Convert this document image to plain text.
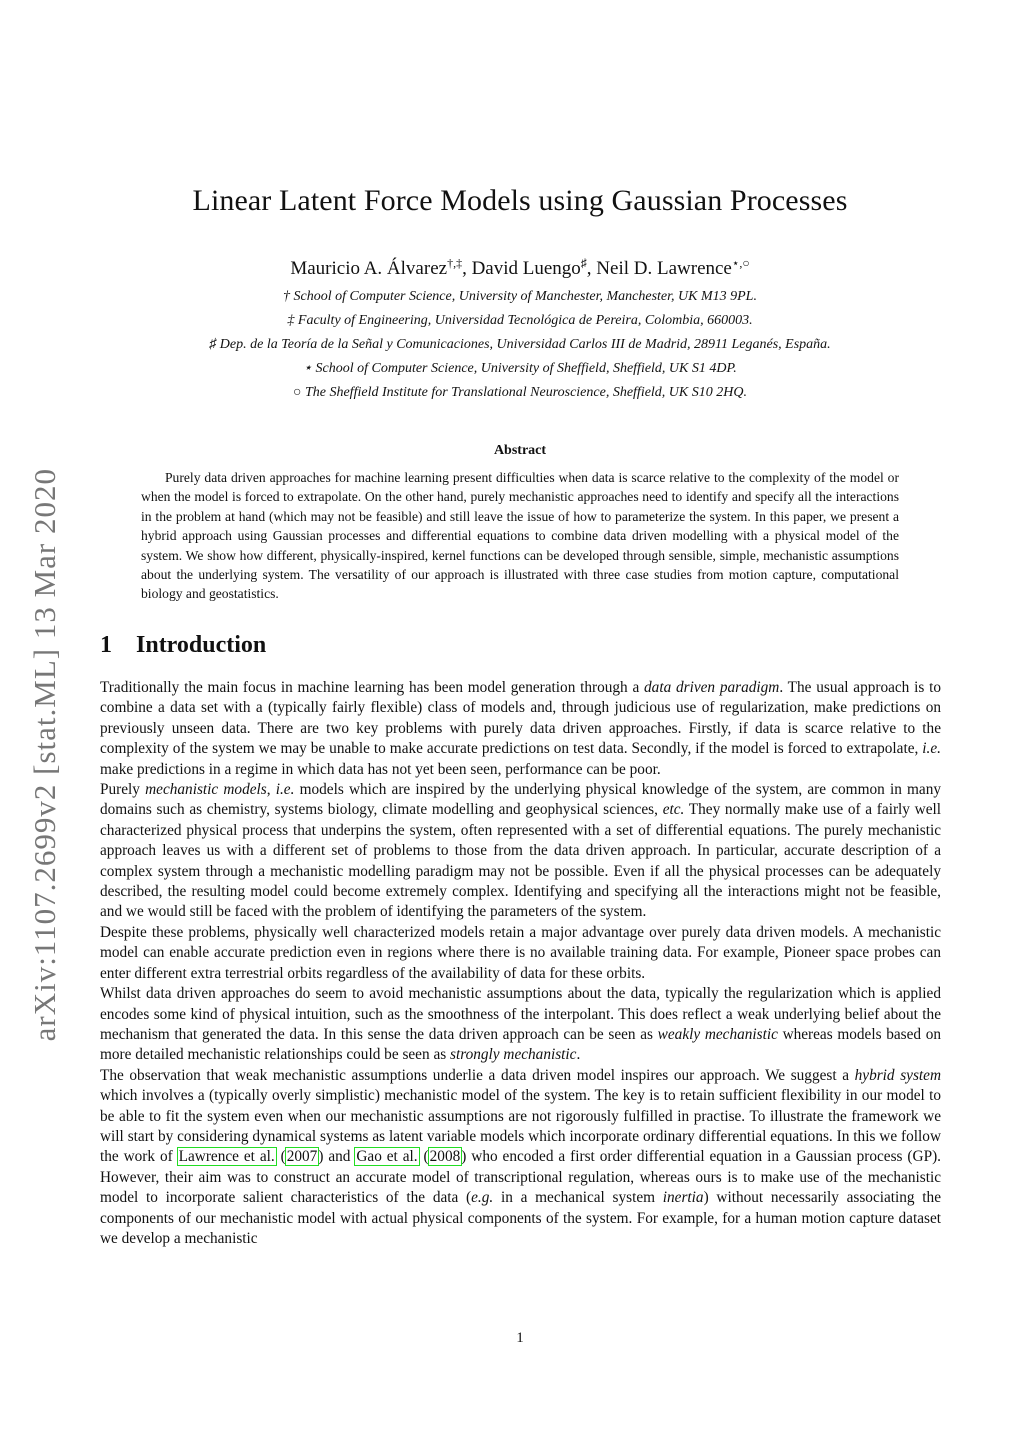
arXiv:1107.2699v2 [stat.ML] 13 Mar 2020
Linear Latent Force Models using Gaussian Processes
Mauricio A. Álvarez†,‡, David Luengo♯, Neil D. Lawrence⋆,○
† School of Computer Science, University of Manchester, Manchester, UK M13 9PL.
‡ Faculty of Engineering, Universidad Tecnológica de Pereira, Colombia, 660003.
♯ Dep. de la Teoría de la Señal y Comunicaciones, Universidad Carlos III de Madrid, 28911 Leganés, España.
⋆ School of Computer Science, University of Sheffield, Sheffield, UK S1 4DP.
○ The Sheffield Institute for Translational Neuroscience, Sheffield, UK S10 2HQ.
Abstract

Purely data driven approaches for machine learning present difficulties when data is scarce relative to the complexity of the model or when the model is forced to extrapolate. On the other hand, purely mechanistic approaches need to identify and specify all the interactions in the problem at hand (which may not be feasible) and still leave the issue of how to parameterize the system. In this paper, we present a hybrid approach using Gaussian processes and differential equations to combine data driven modelling with a physical model of the system. We show how different, physically-inspired, kernel functions can be developed through sensible, simple, mechanistic assumptions about the underlying system. The versatility of our approach is illustrated with three case studies from motion capture, computational biology and geostatistics.

1 Introduction

Traditionally the main focus in machine learning has been model generation through a data driven paradigm. The usual approach is to combine a data set with a (typically fairly flexible) class of models and, through judicious use of regularization, make predictions on previously unseen data. There are two key problems with purely data driven approaches. Firstly, if data is scarce relative to the complexity of the system we may be unable to make accurate predictions on test data. Secondly, if the model is forced to extrapolate, i.e. make predictions in a regime in which data has not yet been seen, performance can be poor.

Purely mechanistic models, i.e. models which are inspired by the underlying physical knowledge of the system, are common in many domains such as chemistry, systems biology, climate modelling and geophysical sciences, etc. They normally make use of a fairly well characterized physical process that underpins the system, often represented with a set of differential equations. The purely mechanistic approach leaves us with a different set of problems to those from the data driven approach. In particular, accurate description of a complex system through a mechanistic modelling paradigm may not be possible. Even if all the physical processes can be adequately described, the resulting model could become extremely complex. Identifying and specifying all the interactions might not be feasible, and we would still be faced with the problem of identifying the parameters of the system.

Despite these problems, physically well characterized models retain a major advantage over purely data driven models. A mechanistic model can enable accurate prediction even in regions where there is no available training data. For example, Pioneer space probes can enter different extra terrestrial orbits regardless of the availability of data for these orbits.

Whilst data driven approaches do seem to avoid mechanistic assumptions about the data, typically the regularization which is applied encodes some kind of physical intuition, such as the smoothness of the interpolant. This does reflect a weak underlying belief about the mechanism that generated the data. In this sense the data driven approach can be seen as weakly mechanistic whereas models based on more detailed mechanistic relationships could be seen as strongly mechanistic.

The observation that weak mechanistic assumptions underlie a data driven model inspires our approach. We suggest a hybrid system which involves a (typically overly simplistic) mechanistic model of the system. The key is to retain sufficient flexibility in our model to be able to fit the system even when our mechanistic assumptions are not rigorously fulfilled in practise. To illustrate the framework we will start by considering dynamical systems as latent variable models which incorporate ordinary differential equations. In this we follow the work of Lawrence et al. (2007) and Gao et al. (2008) who encoded a first order differential equation in a Gaussian process (GP). However, their aim was to construct an accurate model of transcriptional regulation, whereas ours is to make use of the mechanistic model to incorporate salient characteristics of the data (e.g. in a mechanical system inertia) without necessarily associating the components of our mechanistic model with actual physical components of the system. For example, for a human motion capture dataset we develop a mechanistic

1
